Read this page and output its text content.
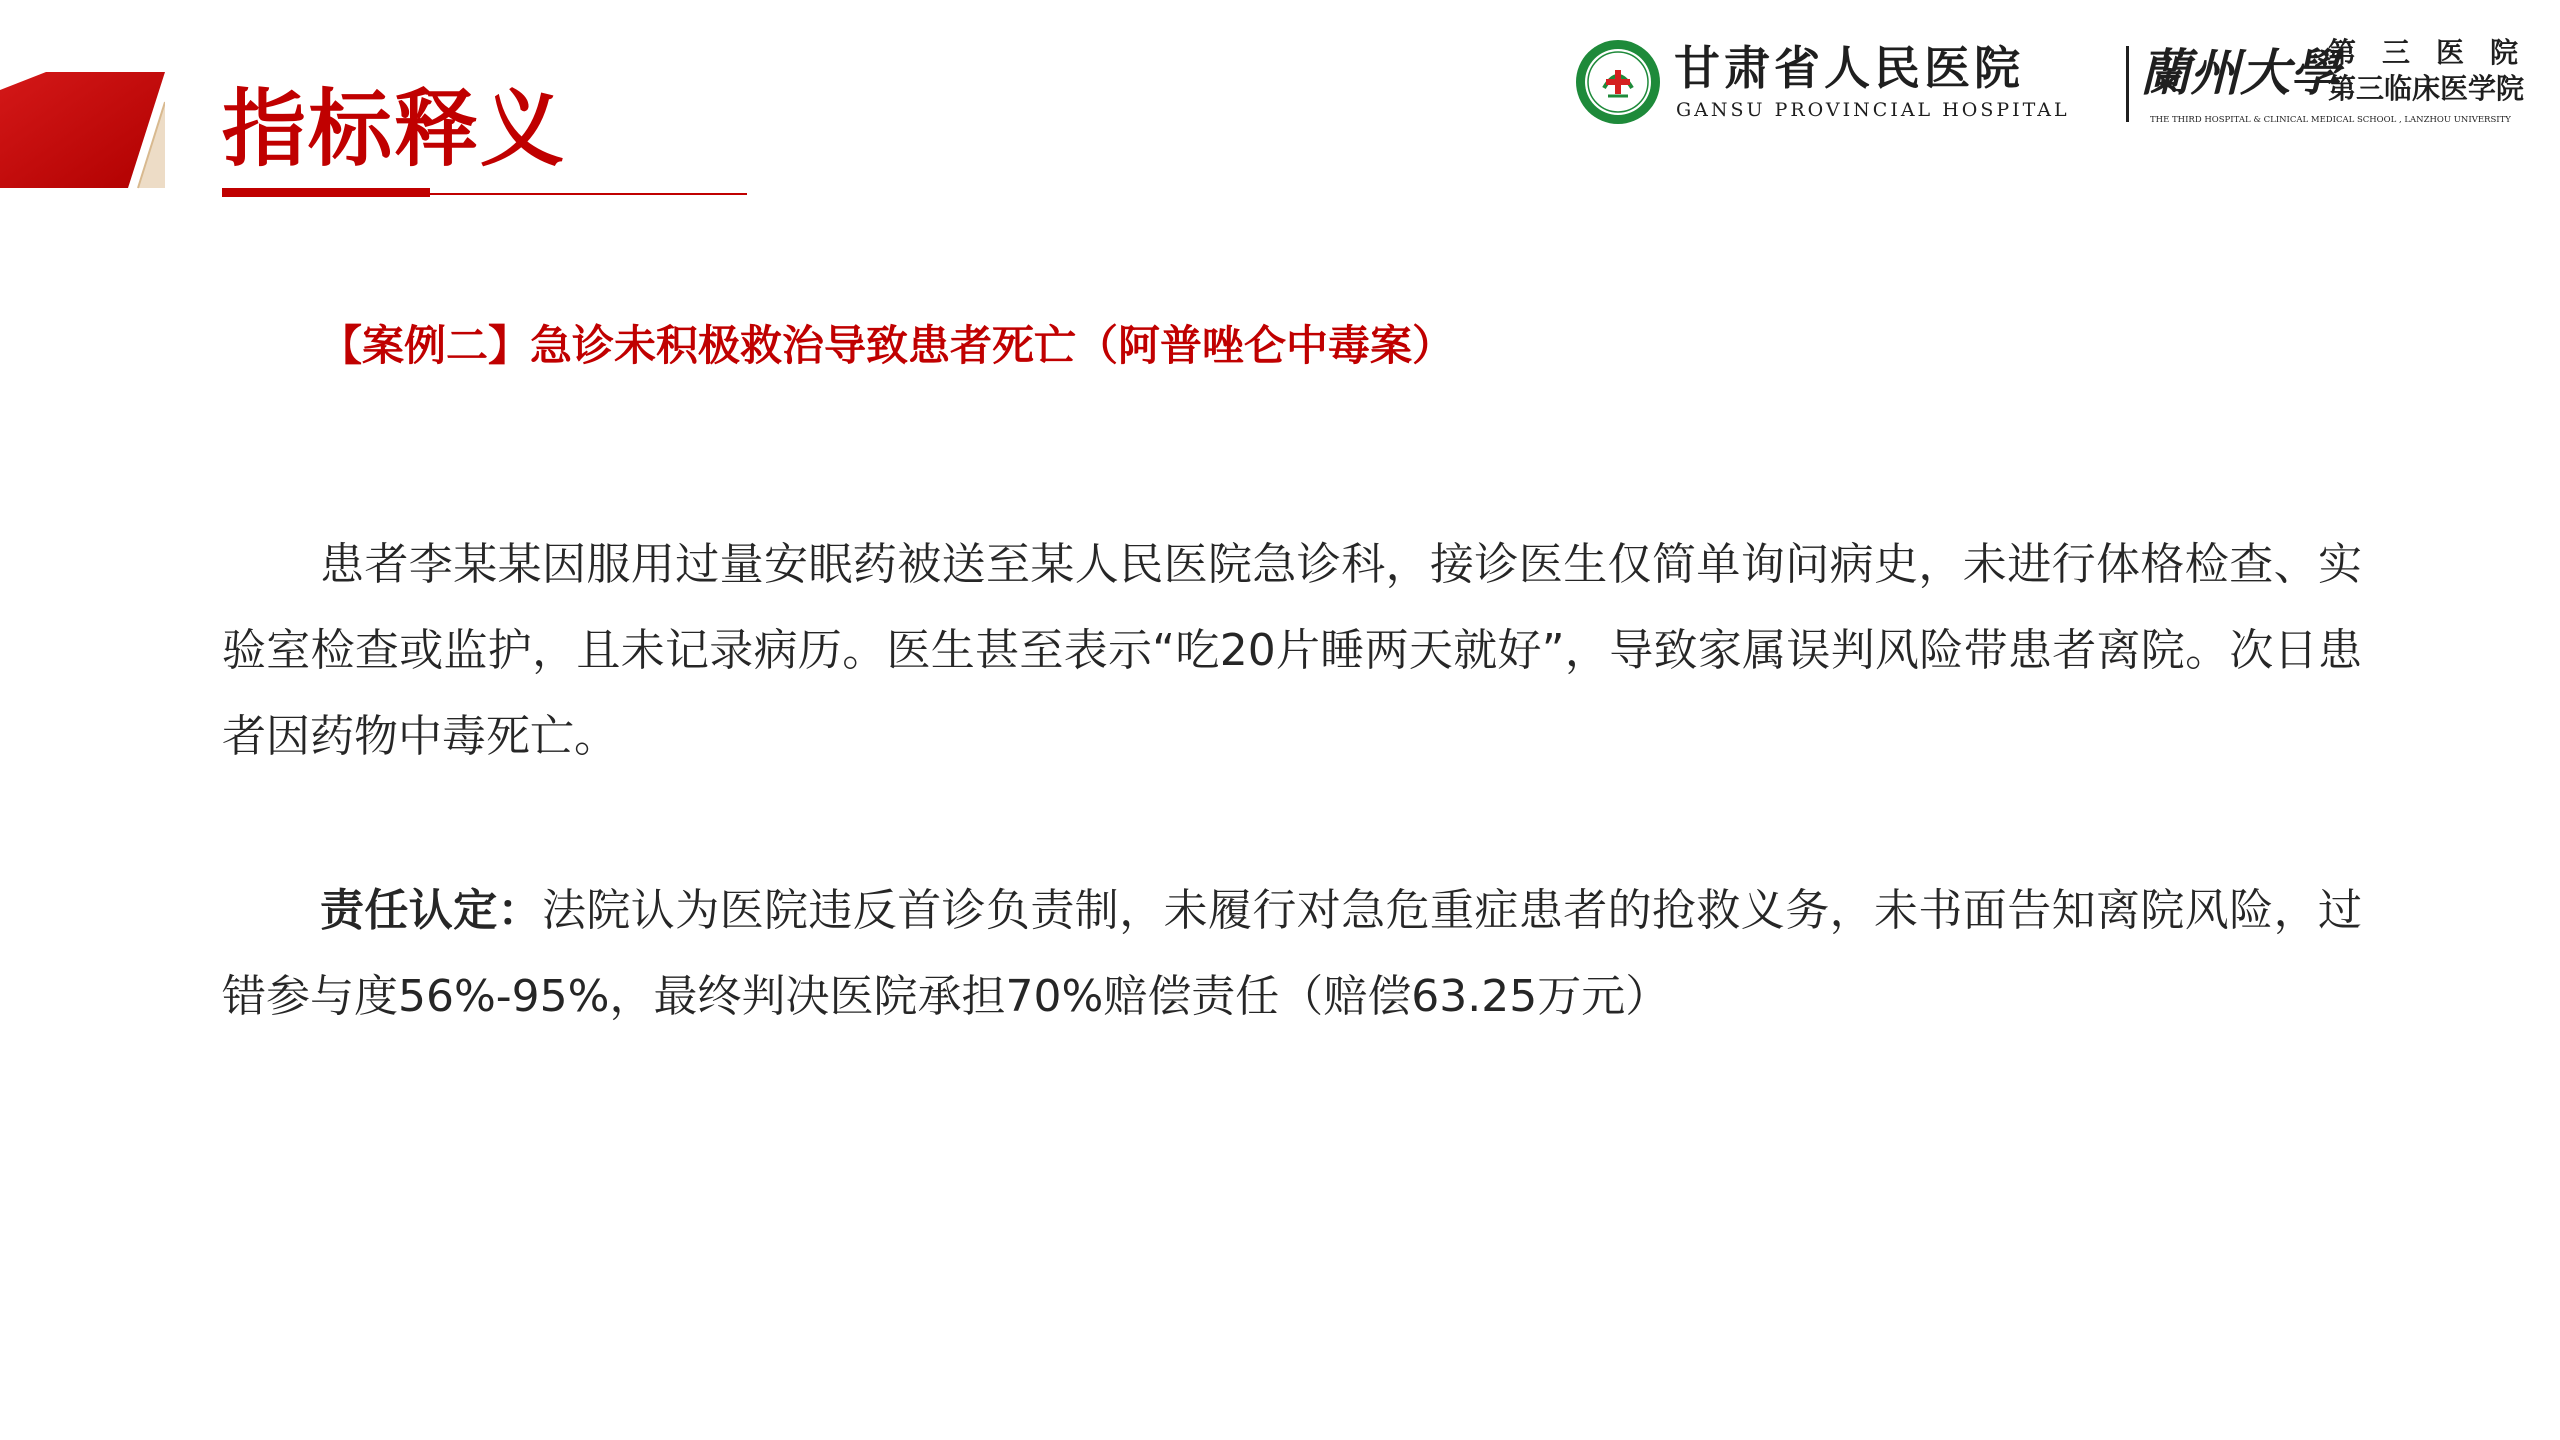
指标释义
甘肃省人民医院
GANSU PROVINCIAL HOSPITAL
蘭州大學
第三医院
第三临床医学院
THE THIRD HOSPITAL & CLINICAL MEDICAL SCHOOL , LANZHOU UNIVERSITY
【案例二】急诊未积极救治导致患者死亡（阿普唑仑中毒案）

患者李某某因服用过量安眠药被送至某人民医院急诊科，接诊医生仅简单询问病史，未进行体格检查、实验室检查或监护，且未记录病历。医生甚至表示“吃20片睡两天就好”，导致家属误判风险带患者离院。次日患者因药物中毒死亡。

责任认定：法院认为医院违反首诊负责制，未履行对急危重症患者的抢救义务，未书面告知离院风险，过错参与度56%-95%，最终判决医院承担70%赔偿责任（赔偿63.25万元）
